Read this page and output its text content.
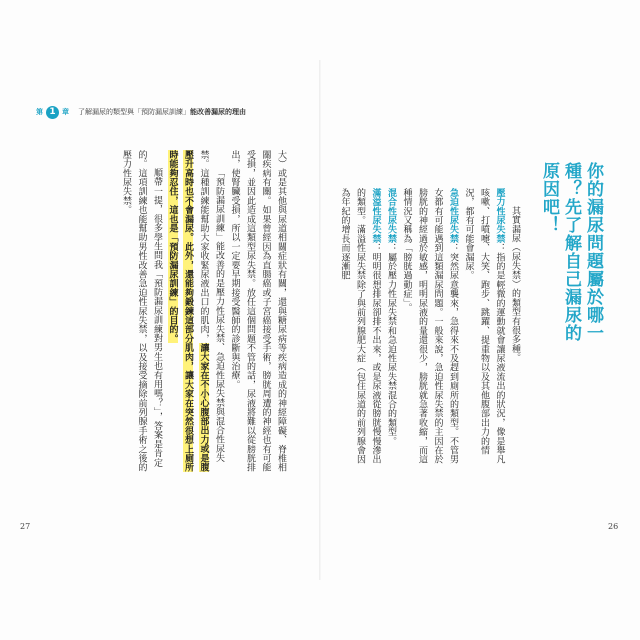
第 1 章 了解漏尿的類型與「預防漏尿訓練」能改善漏尿的理由
你的漏尿問題屬於哪一種？先了解自己漏尿的原因吧！

其實漏尿（尿失禁）的類型有很多種。

壓力性尿失禁：指的是輕微的運動就會讓尿液流出的狀況，像是舉凡咳嗽、打噴嚏、大笑、跑步、跳躍、提重物以及其他腹部出力的情況，都有可能會漏尿。

急迫性尿失禁：突然尿意襲來，急得來不及趕到廁所的類型。不管男女都有可能遇到這類漏尿問題。一般來說，急迫性尿失禁的主因在於膀胱的神經過於敏感，明明尿液的量還很少，膀胱就急著收縮，而這種情況又稱為「膀胱過動症」。

混合性尿失禁：屬於壓力性尿失禁和急迫性尿失禁混合的類型。

滿溢性尿失禁：明明很想排尿卻排不出來，或是尿液從膀胱慢慢滲出的類型。滿溢性尿失禁除了與前列腺肥大症（包住尿道的前列腺會因為年紀的增長而逐漸肥

26

大）或是其他與尿道相關症狀有關，還與糖尿病等疾病造成的神經障礙、脊椎相關疾病有關。如果曾經因為直腸癌或子宮癌接受手術，膀胱周遭的神經也有可能受損，並因此造成這類型尿失禁。放任這個問題不管的話，尿液將難以從膀胱排出，使腎臟受損，所以一定要早期接受醫師的診斷與治療。

「預防漏尿訓練」能改善的是壓力性尿失禁、急迫性尿失禁與混合性尿失禁。這種訓練能幫助大家收緊尿液出口的肌肉，讓大家在不小心腹部出力或是腹壓升高時也不會漏尿。此外，還能夠鍛鍊這部分肌肉，讓大家在突然很想上廁所時能夠忍住，這也是「預防漏尿訓練」的目的。

順帶一提，很多學生問我「預防漏尿訓練對男生也有用嗎？」，答案是肯定的。這項訓練也能幫助男性改善急迫性尿失禁，以及接受摘除前列腺手術之後的壓力性尿失禁。

27
